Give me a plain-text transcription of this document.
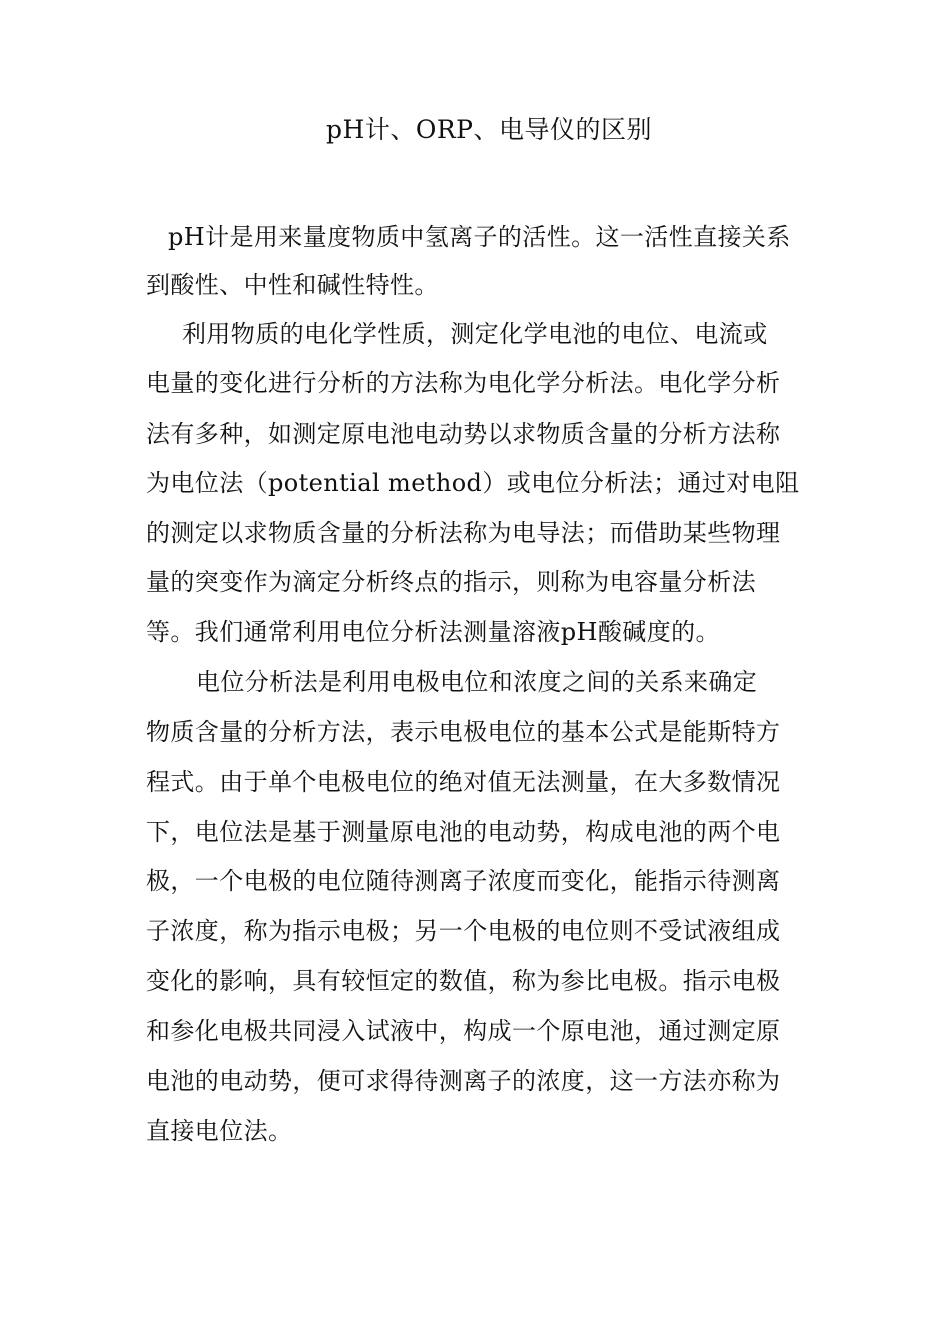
pH计、ORP、电导仪的区别
pH计是用来量度物质中氢离子的活性。这一活性直接关系
到酸性、中性和碱性特性。
利用物质的电化学性质，测定化学电池的电位、电流或
电量的变化进行分析的方法称为电化学分析法。电化学分析
法有多种，如测定原电池电动势以求物质含量的分析方法称
为电位法（potential method）或电位分析法；通过对电阻
的测定以求物质含量的分析法称为电导法；而借助某些物理
量的突变作为滴定分析终点的指示，则称为电容量分析法
等。我们通常利用电位分析法测量溶液pH酸碱度的。
电位分析法是利用电极电位和浓度之间的关系来确定
物质含量的分析方法，表示电极电位的基本公式是能斯特方
程式。由于单个电极电位的绝对值无法测量，在大多数情况
下，电位法是基于测量原电池的电动势，构成电池的两个电
极，一个电极的电位随待测离子浓度而变化，能指示待测离
子浓度，称为指示电极；另一个电极的电位则不受试液组成
变化的影响，具有较恒定的数值，称为参比电极。指示电极
和参化电极共同浸入试液中，构成一个原电池，通过测定原
电池的电动势，便可求得待测离子的浓度，这一方法亦称为
直接电位法。
